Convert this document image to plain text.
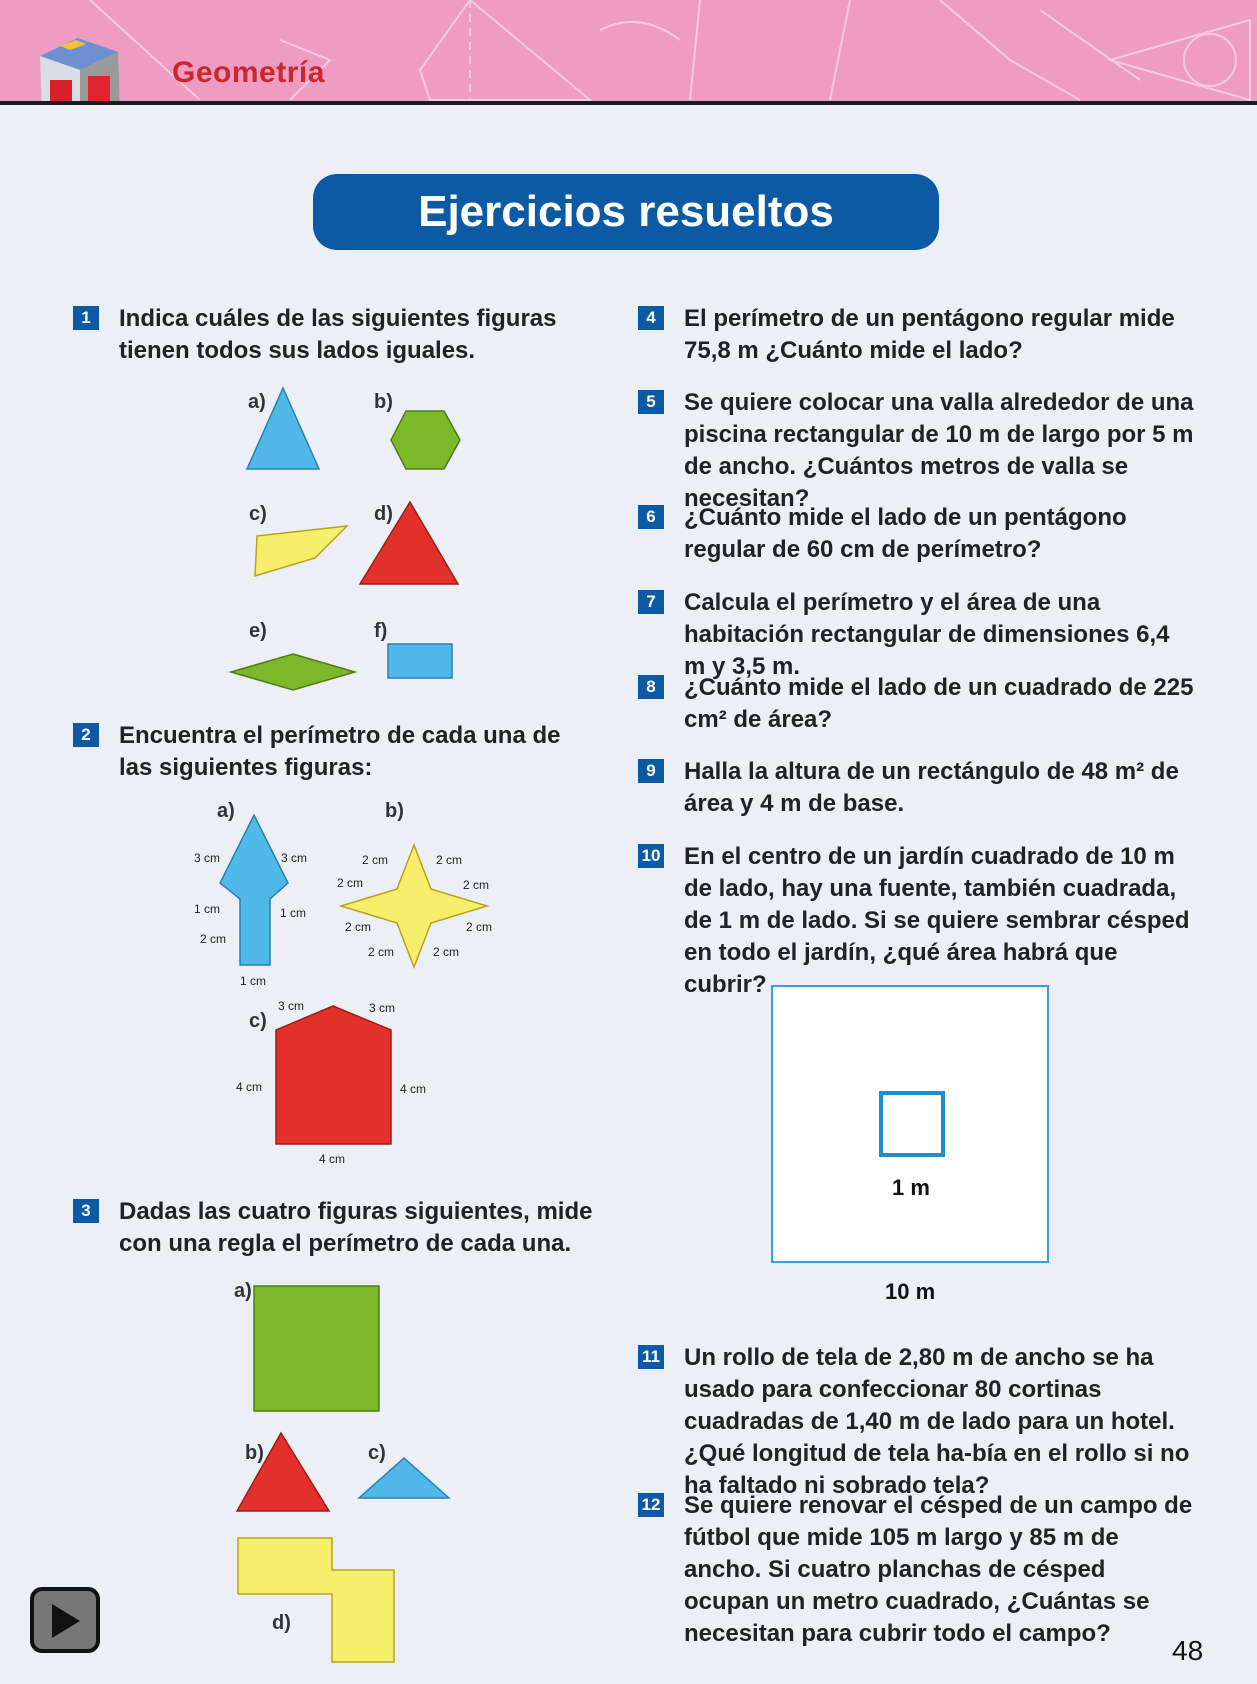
Geometría
Ejercicios resueltos
1	Indica cuáles de las siguientes figuras tienen todos sus lados iguales.
a)	b)
c)	d)
e)	f)
2	Encuentra el perímetro de cada una de las siguientes figuras:
a)
3 cm	3 cm
1 cm	1 cm
2 cm
1 cm
b)
2 cm	2 cm
2 cm	2 cm
2 cm	2 cm
2 cm	2 cm
c)
3 cm	3 cm
4 cm	4 cm
4 cm
3	Dadas las cuatro figuras siguientes, mide con una regla el perímetro de cada una.
a)
b)	c)
d)
4	El perímetro de un pentágono regular mide 75,8 m ¿Cuánto mide el lado?
5	Se quiere colocar una valla alrededor de una piscina rectangular de 10 m de largo por 5 m de ancho. ¿Cuántos metros de valla se necesitan?
6	¿Cuánto mide el lado de un pentágono regular de 60 cm de perímetro?
7	Calcula el perímetro y el área de una habitación rectangular de dimensiones 6,4 m y 3,5 m.
8	¿Cuánto mide el lado de un cuadrado de 225 cm² de área?
9	Halla la altura de un rectángulo de 48 m² de área y 4 m de base.
10 En el centro de un jardín cuadrado de 10 m de lado, hay una fuente, también cuadrada, de 1 m de lado. Si se quiere sembrar césped en todo el jardín, ¿qué área habrá que cubrir?
1 m
10 m
11 Un rollo de tela de 2,80 m de ancho se ha usado para confeccionar 80 cortinas cuadradas de 1,40 m de lado para un hotel. ¿Qué longitud de tela ha-bía en el rollo si no ha faltado ni sobrado tela?
12 Se quiere renovar el césped de un campo de fútbol que mide 105 m largo y 85 m de ancho. Si cuatro planchas de césped ocupan un metro cuadrado, ¿Cuántas se necesitan para cubrir todo el campo?
48
